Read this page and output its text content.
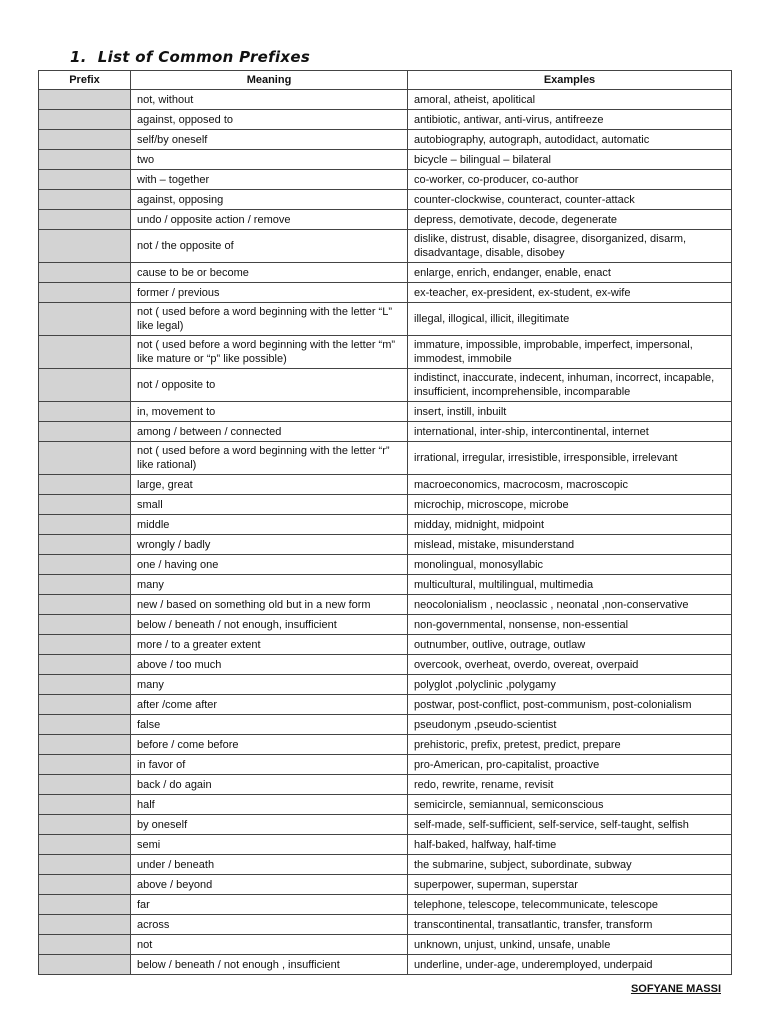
1.  List of Common Prefixes
Prefix	Meaning	Examples
	not, without	amoral, atheist, apolitical
	against, opposed to	antibiotic, antiwar, anti-virus, antifreeze
	self/by oneself	autobiography, autograph, autodidact, automatic
	two	bicycle – bilingual – bilateral
	with – together	co-worker, co-producer, co-author
	against, opposing	counter-clockwise, counteract, counter-attack
	undo / opposite action / remove	depress, demotivate, decode, degenerate
	not / the opposite of	dislike, distrust, disable, disagree, disorganized, disarm, disadvantage, disable, disobey
	cause to be or become	enlarge, enrich, endanger, enable, enact
	former / previous	ex-teacher, ex-president, ex-student, ex-wife
	not ( used before a word beginning with the letter “L” like legal)	illegal, illogical, illicit, illegitimate
	not ( used before a word beginning with the letter “m” like mature or “p” like possible)	immature, impossible, improbable, imperfect, impersonal, immodest, immobile
	not / opposite to	indistinct, inaccurate, indecent, inhuman, incorrect, incapable, insufficient, incomprehensible, incomparable
	in, movement to	insert, instill, inbuilt
	among / between / connected	international, inter-ship, intercontinental, internet
	not ( used before a word beginning with the letter “r” like rational)	irrational, irregular, irresistible, irresponsible, irrelevant
	large, great	macroeconomics, macrocosm, macroscopic
	small	microchip, microscope, microbe
	middle	midday, midnight, midpoint
	wrongly / badly	mislead, mistake, misunderstand
	one / having one	monolingual, monosyllabic
	many	multicultural, multilingual, multimedia
	new / based on something old but in a new form	neocolonialism , neoclassic , neonatal ,non-conservative
	below / beneath / not enough, insufficient	non-governmental, nonsense, non-essential
	more / to a greater extent	outnumber, outlive, outrage, outlaw
	above / too much	overcook, overheat, overdo, overeat, overpaid
	many	polyglot ,polyclinic ,polygamy
	after /come after	postwar, post-conflict, post-communism, post-colonialism
	false	pseudonym ,pseudo-scientist
	before / come before	prehistoric, prefix, pretest, predict, prepare
	in favor of	pro-American, pro-capitalist, proactive
	back / do again	redo, rewrite, rename, revisit
	half	semicircle, semiannual, semiconscious
	by oneself	self-made, self-sufficient, self-service, self-taught, selfish
	semi	half-baked, halfway, half-time
	under / beneath	the submarine, subject, subordinate, subway
	above / beyond	superpower, superman, superstar
	far	telephone, telescope, telecommunicate, telescope
	across	transcontinental, transatlantic, transfer, transform
	not	unknown, unjust, unkind, unsafe, unable
	below / beneath / not enough , insufficient	underline, under-age, underemployed, underpaid
SOFYANE MASSI
